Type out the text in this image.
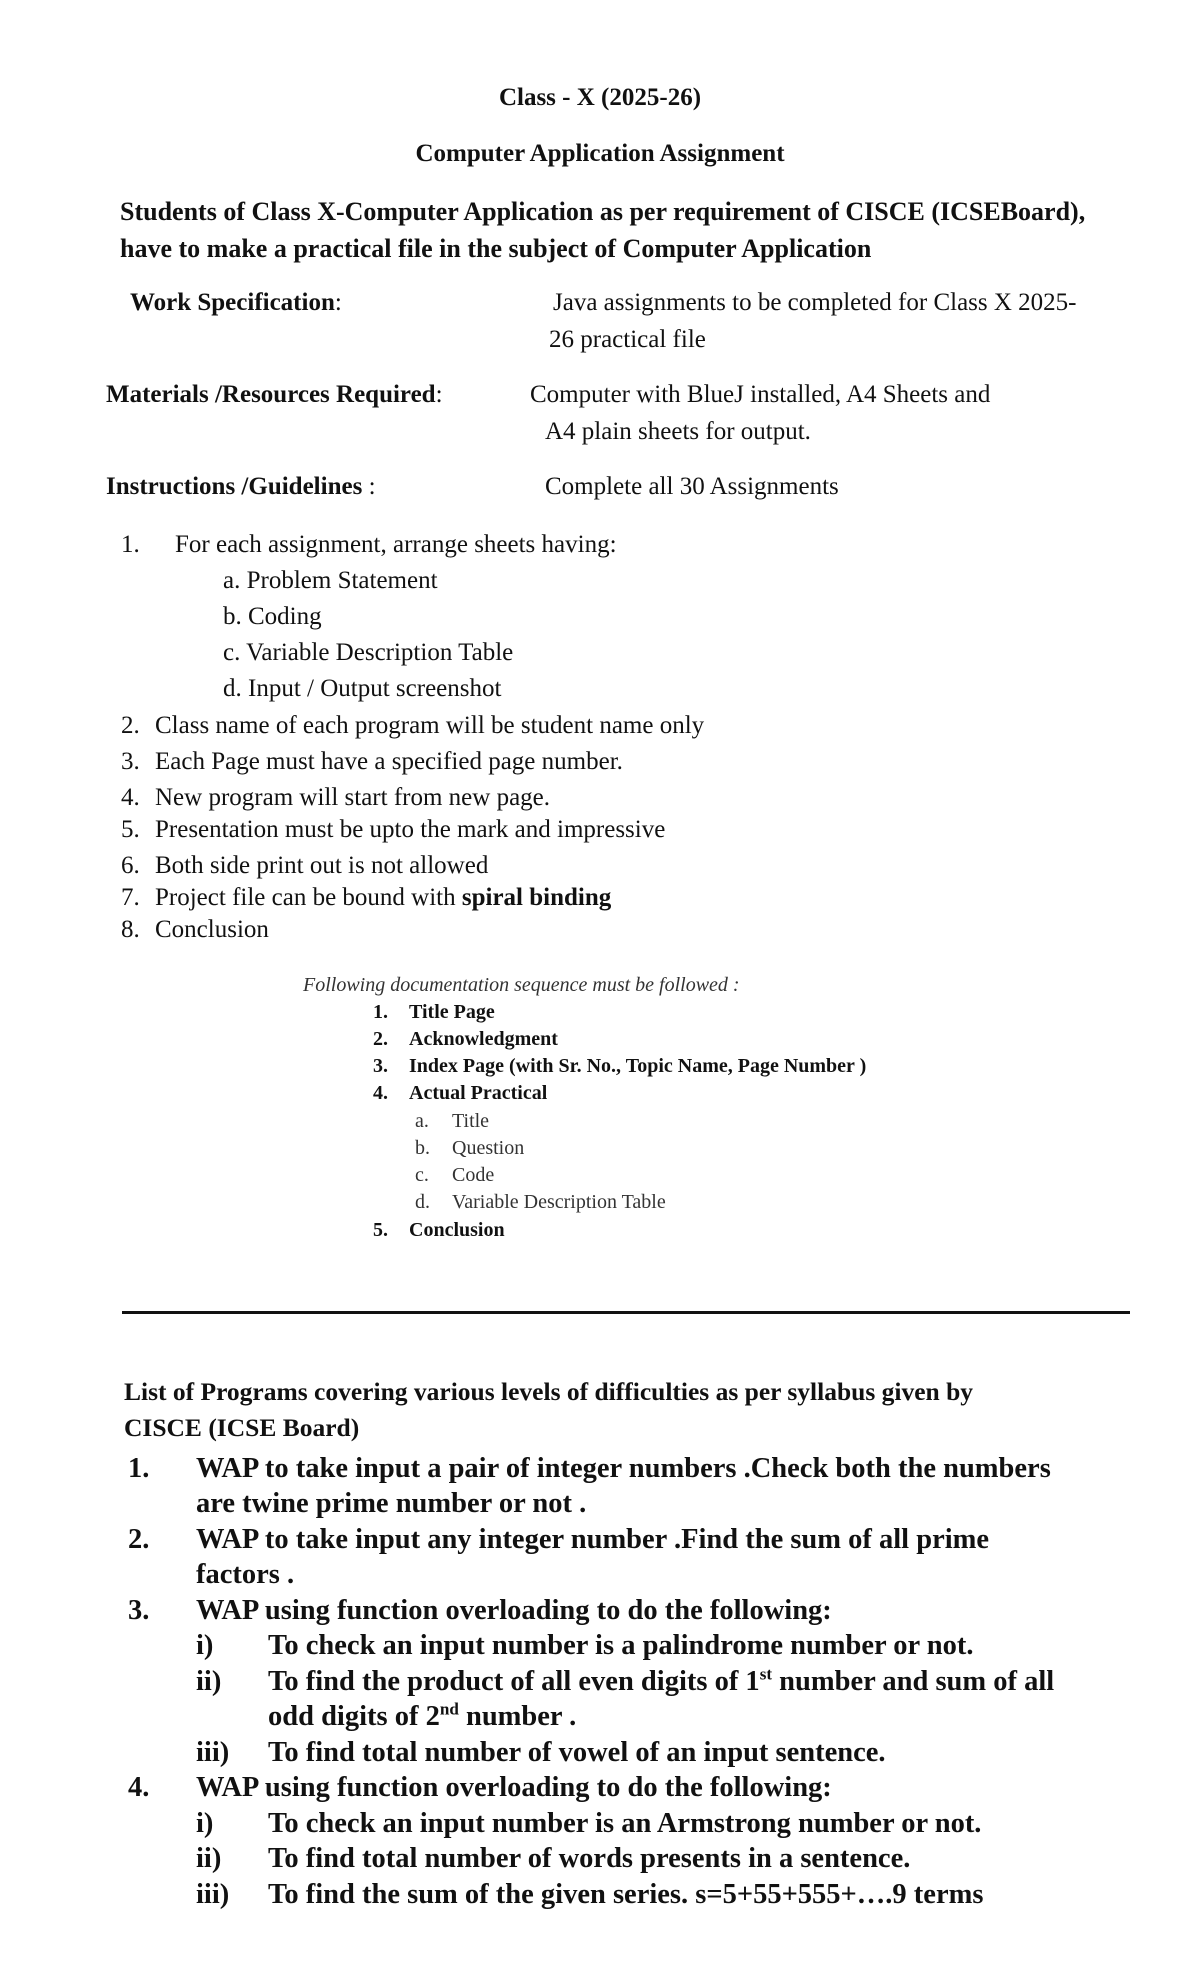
Class - X (2025-26)
Computer Application Assignment
Students of Class X-Computer Application as per requirement of CISCE (ICSEBoard),
have to make a practical file in the subject of Computer Application
Work Specification:	Java assignments to be completed for Class X 2025-
26 practical file
Materials /Resources Required:	Computer with BlueJ installed, A4 Sheets and
A4 plain sheets for output.
Instructions /Guidelines :	Complete all 30 Assignments
1. For each assignment, arrange sheets having:
a. Problem Statement
b. Coding
c. Variable Description Table
d. Input / Output screenshot
2. Class name of each program will be student name only
3. Each Page must have a specified page number.
4. New program will start from new page.
5. Presentation must be upto the mark and impressive
6. Both side print out is not allowed
7. Project file can be bound with spiral binding
8. Conclusion
Following documentation sequence must be followed :
1. Title Page
2. Acknowledgment
3. Index Page (with Sr. No., Topic Name, Page Number )
4. Actual Practical
a. Title
b. Question
c. Code
d. Variable Description Table
5. Conclusion
List of Programs covering various levels of difficulties as per syllabus given by
CISCE (ICSE Board)
1. WAP to take input a pair of integer numbers .Check both the numbers
are twine prime number or not .
2. WAP to take input any integer number .Find the sum of all prime
factors .
3. WAP using function overloading to do the following:
i) To check an input number is a palindrome number or not.
ii) To find the product of all even digits of 1st number and sum of all
odd digits of 2nd number .
iii) To find total number of vowel of an input sentence.
4. WAP using function overloading to do the following:
i) To check an input number is an Armstrong number or not.
ii) To find total number of words presents in a sentence.
iii) To find the sum of the given series. s=5+55+555+….9 terms
